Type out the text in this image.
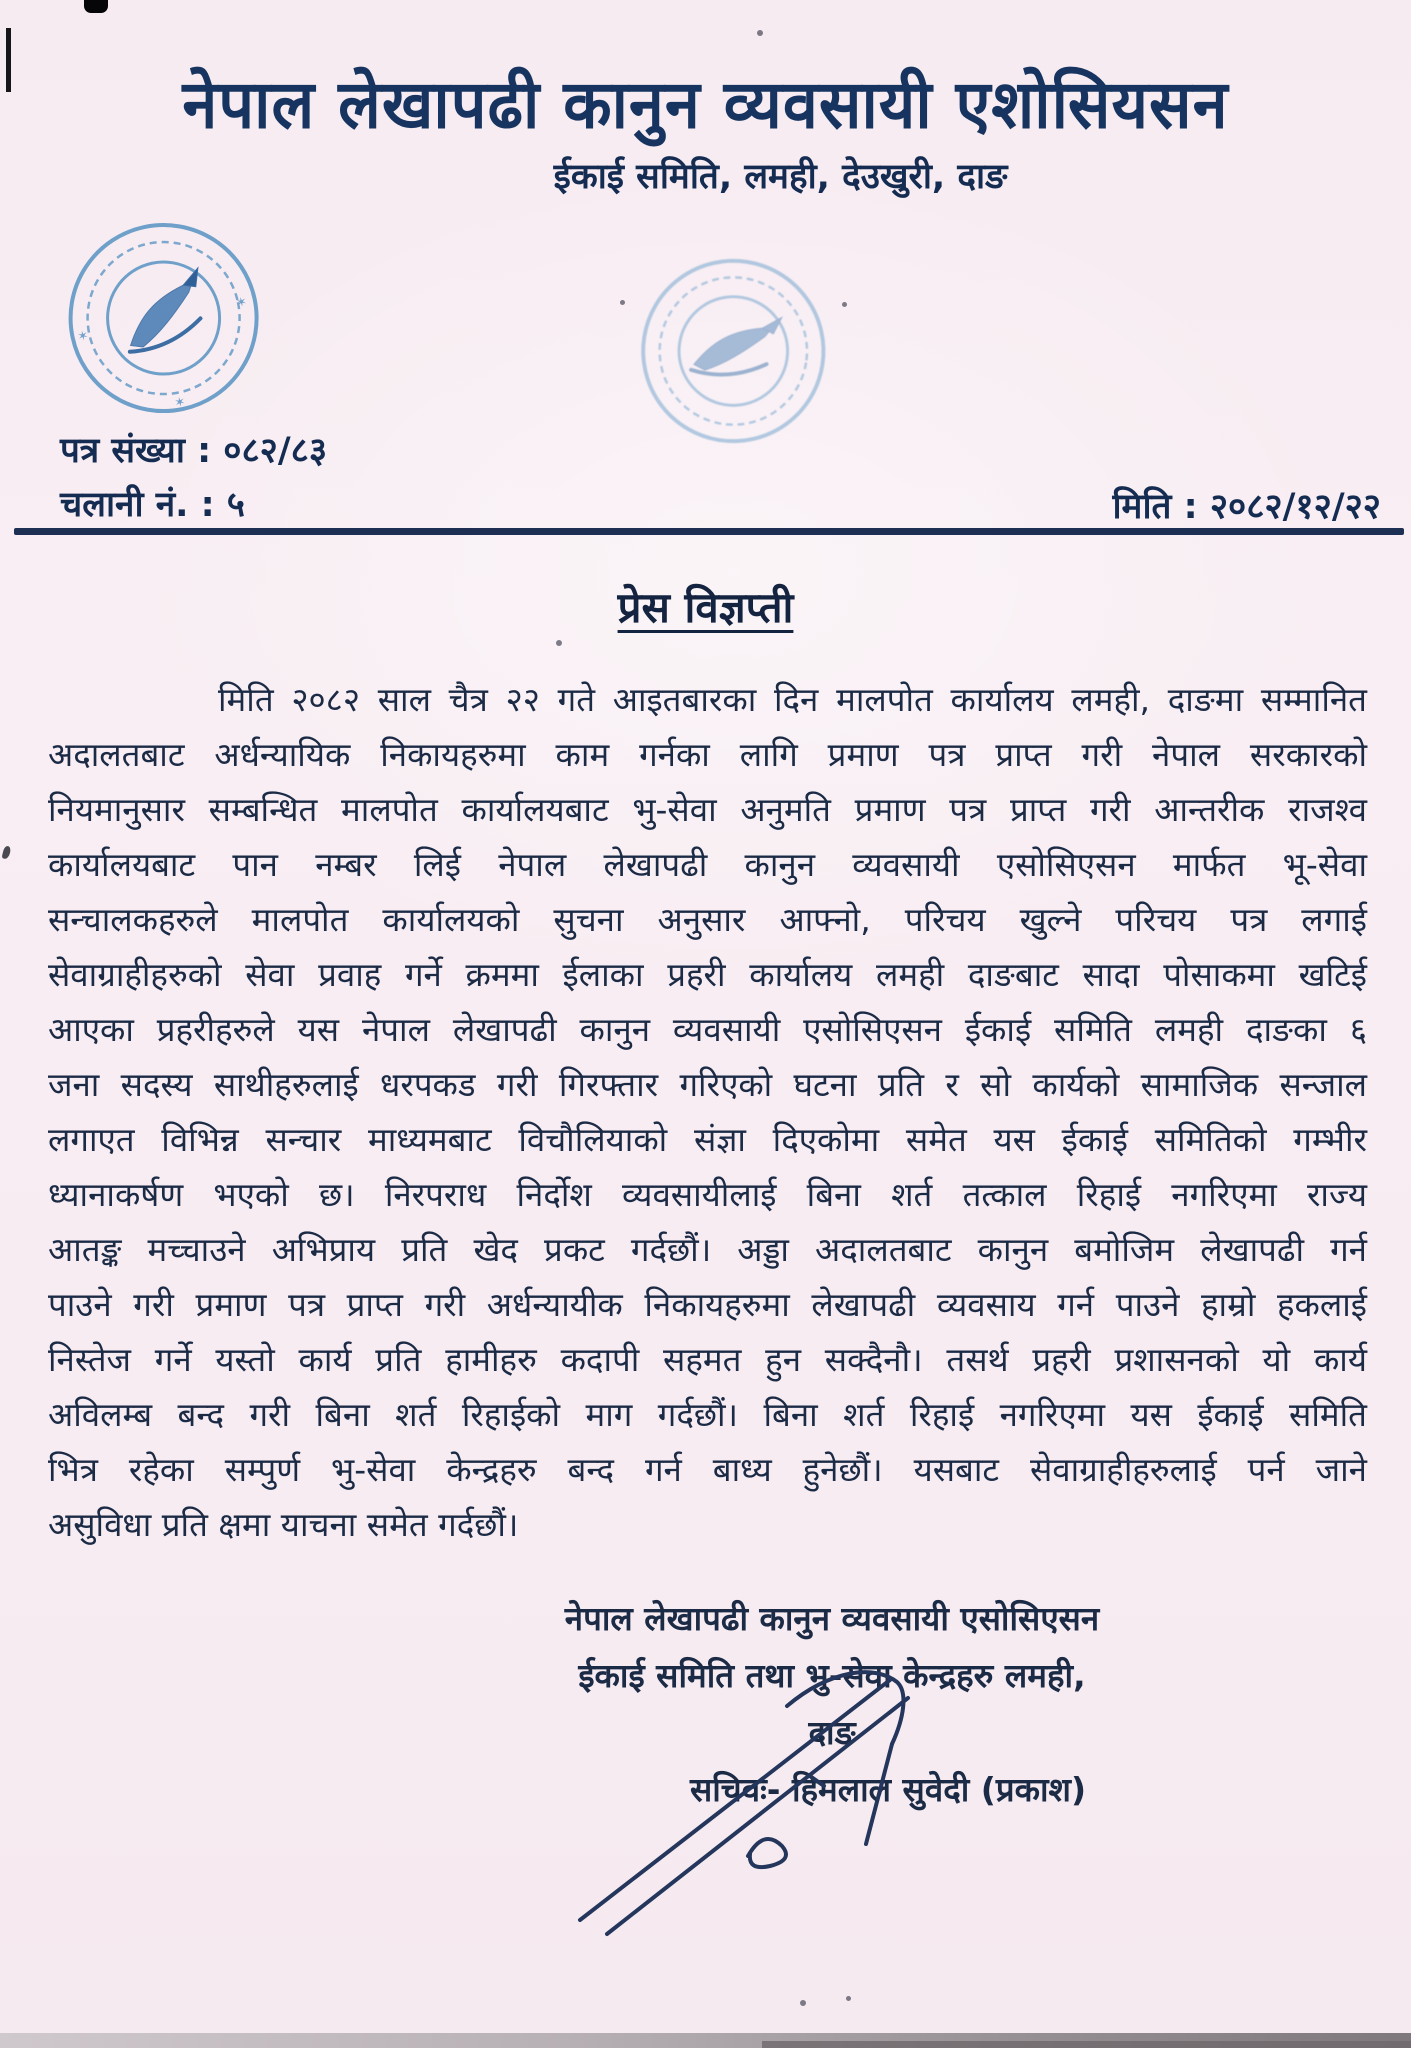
नेपाल लेखापढी कानुन व्यवसायी एशोसियसन
ईकाई समिति, लमही, देउखुरी, दाङ
✶
✶
✶
पत्र संख्या : ०८२/८३
चलानी नं. : ५	मिति : २०८२/१२/२२
प्रेस विज्ञप्ती
मिति २०८२ साल चैत्र २२ गते आइतबारका दिन मालपोत कार्यालय लमही, दाङमा सम्मानित
अदालतबाट अर्धन्यायिक निकायहरुमा काम गर्नका लागि प्रमाण पत्र प्राप्त गरी नेपाल सरकारको
नियमानुसार सम्बन्धित मालपोत कार्यालयबाट भु-सेवा अनुमति प्रमाण पत्र प्राप्त गरी आन्तरीक राजश्व
कार्यालयबाट पान नम्बर लिई नेपाल लेखापढी कानुन व्यवसायी एसोसिएसन मार्फत भू-सेवा
सन्चालकहरुले मालपोत कार्यालयको सुचना अनुसार आफ्नो, परिचय खुल्ने परिचय पत्र लगाई
सेवाग्राहीहरुको सेवा प्रवाह गर्ने क्रममा ईलाका प्रहरी कार्यालय लमही दाङबाट सादा पोसाकमा खटिई
आएका प्रहरीहरुले यस नेपाल लेखापढी कानुन व्यवसायी एसोसिएसन ईकाई समिति लमही दाङका ६
जना सदस्य साथीहरुलाई धरपकड गरी गिरफ्तार गरिएको घटना प्रति र सो कार्यको सामाजिक सन्जाल
लगाएत विभिन्न सन्चार माध्यमबाट विचौलियाको संज्ञा दिएकोमा समेत यस ईकाई समितिको गम्भीर
ध्यानाकर्षण भएको छ। निरपराध निर्दोश व्यवसायीलाई बिना शर्त तत्काल रिहाई नगरिएमा राज्य
आतङ्क मच्चाउने अभिप्राय प्रति खेद प्रकट गर्दछौं। अड्डा अदालतबाट कानुन बमोजिम लेखापढी गर्न
पाउने गरी प्रमाण पत्र प्राप्त गरी अर्धन्यायीक निकायहरुमा लेखापढी व्यवसाय गर्न पाउने हाम्रो हकलाई
निस्तेज गर्ने यस्तो कार्य प्रति हामीहरु कदापी सहमत हुन सक्दैनौ। तसर्थ प्रहरी प्रशासनको यो कार्य
अविलम्ब बन्द गरी बिना शर्त रिहाईको माग गर्दछौं। बिना शर्त रिहाई नगरिएमा यस ईकाई समिति
भित्र रहेका सम्पुर्ण भु-सेवा केन्द्रहरु बन्द गर्न बाध्य हुनेछौं। यसबाट सेवाग्राहीहरुलाई पर्न जाने
असुविधा प्रति क्षमा याचना समेत गर्दछौं।
नेपाल लेखापढी कानुन व्यवसायी एसोसिएसन
ईकाई समिति तथा भु-सेवा केन्द्रहरु लमही, दाङ
सचिवः- हिमलाल सुवेदी (प्रकाश)
